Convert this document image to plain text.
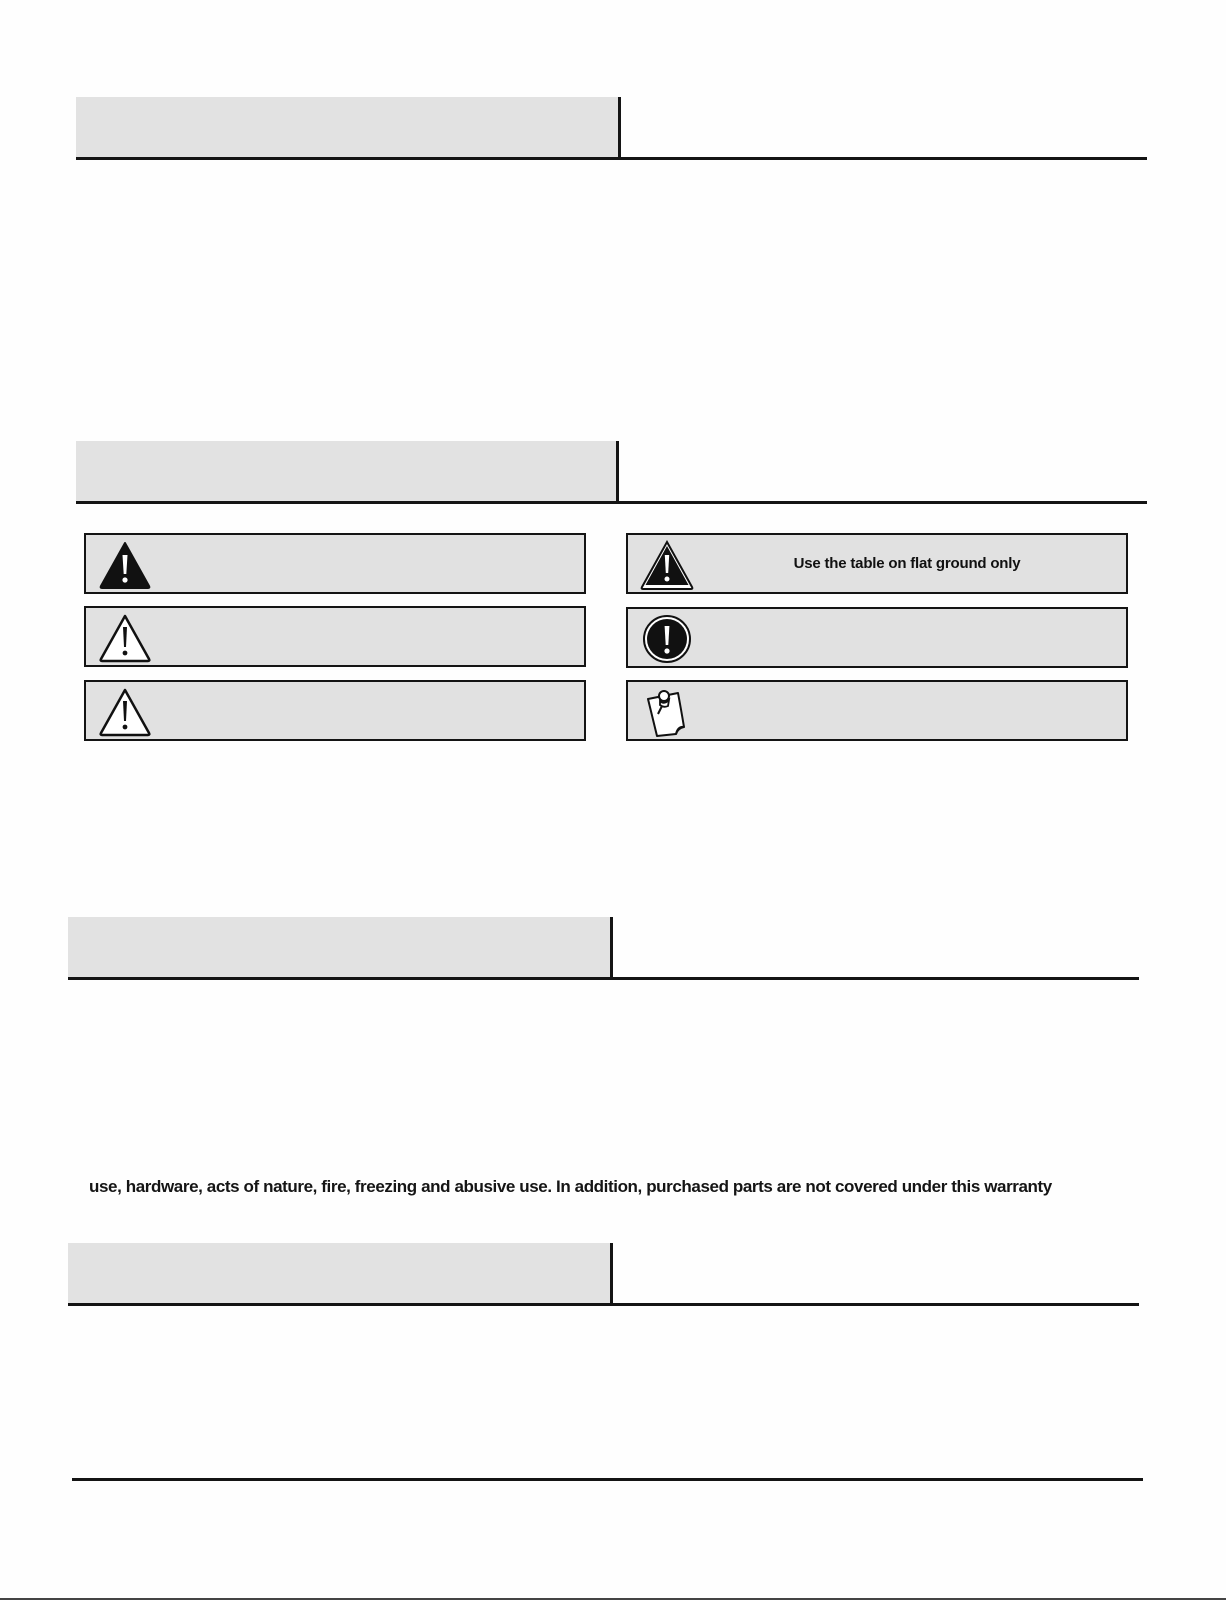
Use the table on flat ground only
use, hardware, acts of nature, fire, freezing and abusive use. In addition, purchased parts are not covered under this warranty
